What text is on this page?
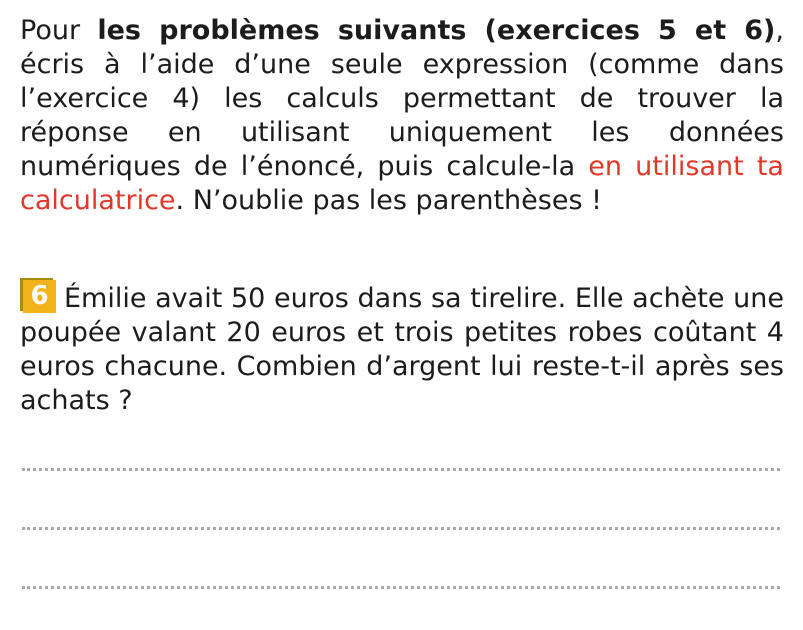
Pour les problèmes suivants (exercices 5 et 6), écris à l’aide d’une seule expression (comme dans l’exercice 4) les calculs permettant de trouver la réponse en utilisant uniquement les données numériques de l’énoncé, puis calcule-la en utilisant ta calculatrice. N’oublie pas les parenthèses !

6 Émilie avait 50 euros dans sa tirelire. Elle achète une poupée valant 20 euros et trois petites robes coûtant 4 euros chacune. Combien d’argent lui reste-t-il après ses achats ?
